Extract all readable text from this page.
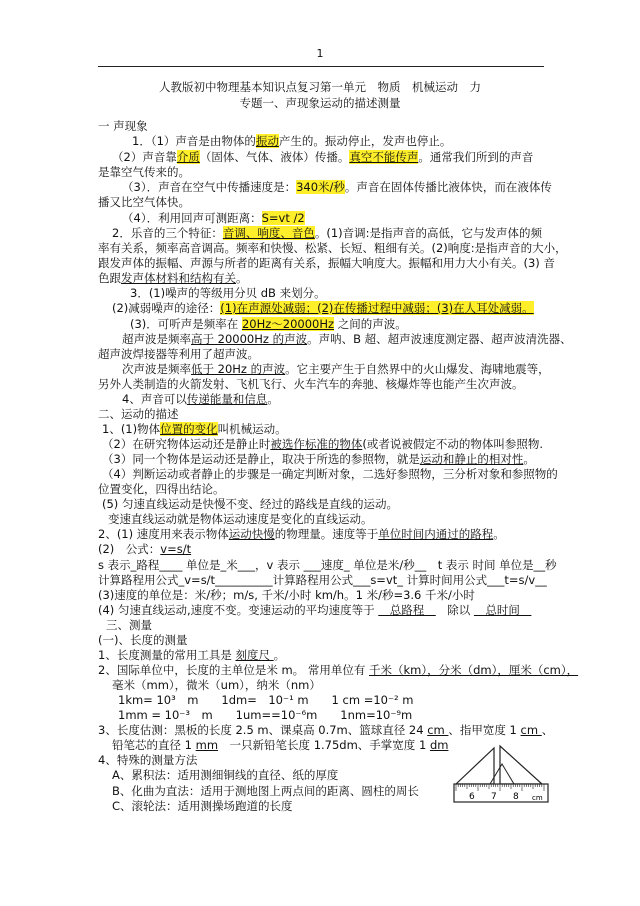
1
人教版初中物理基本知识点复习第一单元　物质　机械运动　力
专题一、声现象运动的描述测量
一 声现象
1．（1）声音是由物体的振动产生的。振动停止，发声也停止。
（2）声音靠介质（固体、气体、液体）传播。真空不能传声。通常我们所到的声音
是靠空气传来的。
（3）．声音在空气中传播速度是：340米/秒。声音在固体传播比液体快，而在液体传
播又比空气体快。
（4）．利用回声可测距离：S=vt /2
2．乐音的三个特征：音调、响度、音色。(1)音调:是指声音的高低，它与发声体的频
率有关系，频率高音调高。频率和快慢、松紧、长短、粗细有关。(2)响度:是指声音的大小，
跟发声体的振幅、声源与所者的距离有关系，振幅大响度大。振幅和用力大小有关。(3) 音
色跟发声体材料和结构有关。
3．(1)噪声的等级用分贝 dB 来划分。
(2)减弱噪声的途径：(1)在声源处减弱；(2)在传播过程中减弱；(3)在人耳处减弱。
(3)．可听声是频率在 20Hz～20000Hz 之间的声波。
超声波是频率高于 20000Hz 的声波。声呐、B 超、超声波速度测定器、超声波清洗器、
超声波焊接器等利用了超声波。
次声波是频率低于 20Hz 的声波。它主要产生于自然界中的火山爆发、海啸地震等，
另外人类制造的火箭发射、飞机飞行、火车汽车的奔驰、核爆炸等也能产生次声波。
4、声音可以传递能量和信息。
二、运动的描述
1、(1)物体位置的变化叫机械运动。
（2）在研究物体运动还是静止时被选作标准的物体(或者说被假定不动的物体叫参照物.
（3）同一个物体是运动还是静止，取决于所选的参照物，就是运动和静止的相对性。
（4）判断运动或者静止的步骤是一确定判断对象，二选好参照物，三分析对象和参照物的
位置变化，四得出结论。
(5) 匀速直线运动是快慢不变、经过的路线是直线的运动。
变速直线运动就是物体运动速度是变化的直线运动。
2、(1) 速度用来表示物体运动快慢的物理量。速度等于单位时间内通过的路程。
(2)　公式：v=s/t
s 表示_路程____ 单位是_米___，v 表示 ___速度_ 单位是米/秒__　t 表示 时间 单位是__秒
计算路程用公式_v=s/t__________计算路程用公式___s=vt_ 计算时间用公式___t=s/v__
(3)速度的单位是：米/秒；m/s, 千米/小时 km/h。1 米/秒=3.6 千米/小时
(4) 匀速直线运动,速度不变。变速运动的平均速度等于 　总路程　　除以 　总时间　
三、测量
(一)、长度的测量
1、长度测量的常用工具是 刻度尺 。
2、国际单位中，长度的主单位是米 m。 常用单位有 千米（km），分米（dm），厘米（cm），
毫米（mm），微米（um），纳米（nm）
1km= 10³　m　　1dm=　10⁻¹ m　　1 cm =10⁻² m
1mm = 10⁻³　m　　1um==10⁻⁶m　　1nm=10⁻⁹m
3、长度估测：黑板的长度 2.5 m、课桌高 0.7m、篮球直径 24 cm 、指甲宽度 1 cm 、
铅笔芯的直径 1 mm　一只新铅笔长度 1.75dm、手掌宽度 1 dm
4、特殊的测量方法
A、累积法：适用测细铜线的直径、纸的厚度
B、化曲为直法：适用于测地图上两点间的距离、圆柱的周长
C、滚轮法：适用测操场跑道的长度
6 7 8 cm
